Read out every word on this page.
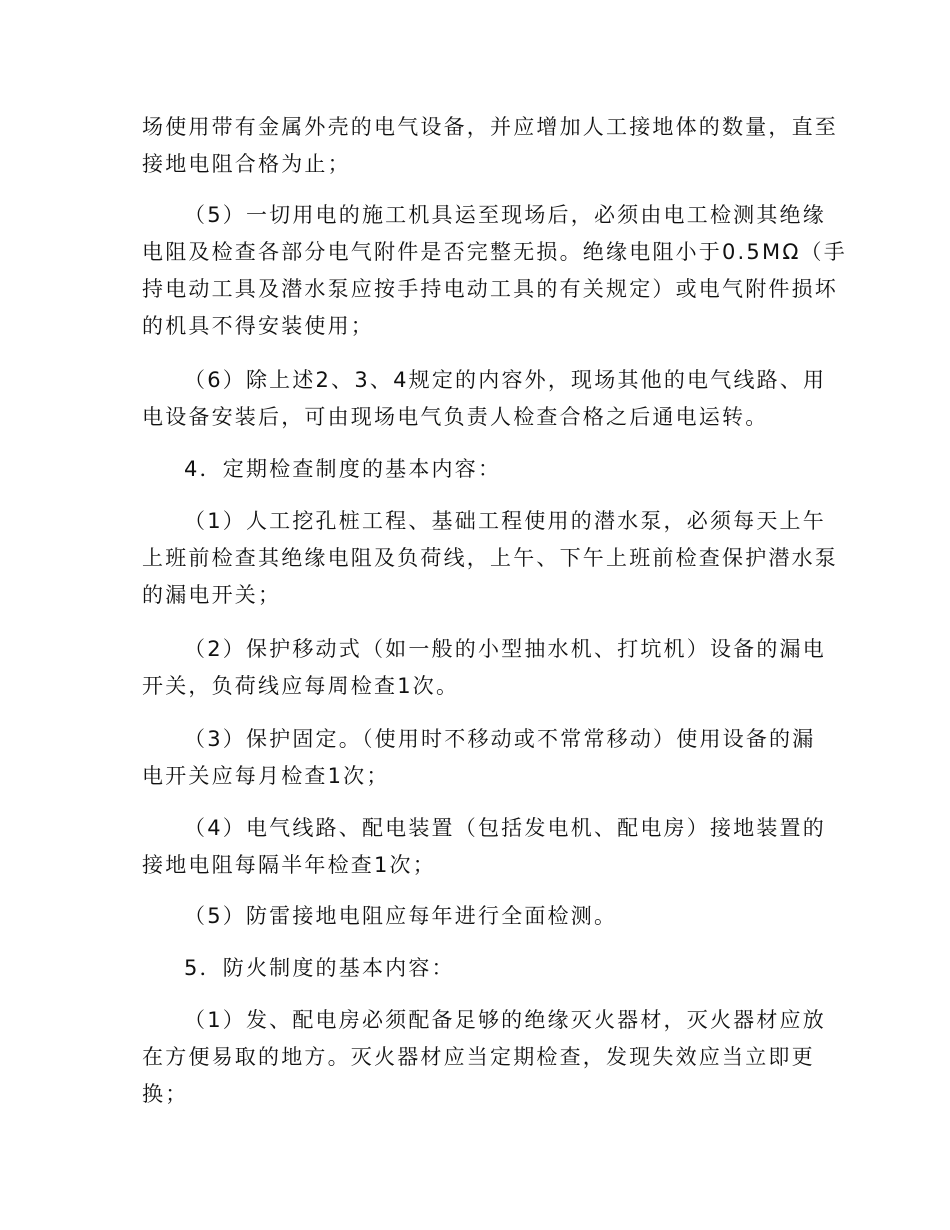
场使用带有金属外壳的电气设备，并应增加人工接地体的数量，直至
接地电阻合格为止；
（5）一切用电的施工机具运至现场后，必须由电工检测其绝缘
电阻及检查各部分电气附件是否完整无损。绝缘电阻小于0.5MΩ（手
持电动工具及潜水泵应按手持电动工具的有关规定）或电气附件损坏
的机具不得安装使用；
（6）除上述2、3、4规定的内容外，现场其他的电气线路、用
电设备安装后，可由现场电气负责人检查合格之后通电运转。
4．定期检查制度的基本内容：
（1）人工挖孔桩工程、基础工程使用的潜水泵，必须每天上午
上班前检查其绝缘电阻及负荷线，上午、下午上班前检查保护潜水泵
的漏电开关；
（2）保护移动式（如一般的小型抽水机、打坑机）设备的漏电
开关，负荷线应每周检查1次。
（3）保护固定。（使用时不移动或不常常移动）使用设备的漏
电开关应每月检查1次；
（4）电气线路、配电装置（包括发电机、配电房）接地装置的
接地电阻每隔半年检查1次；
（5）防雷接地电阻应每年进行全面检测。
5．防火制度的基本内容：
（1）发、配电房必须配备足够的绝缘灭火器材，灭火器材应放
在方便易取的地方。灭火器材应当定期检查，发现失效应当立即更
换；
